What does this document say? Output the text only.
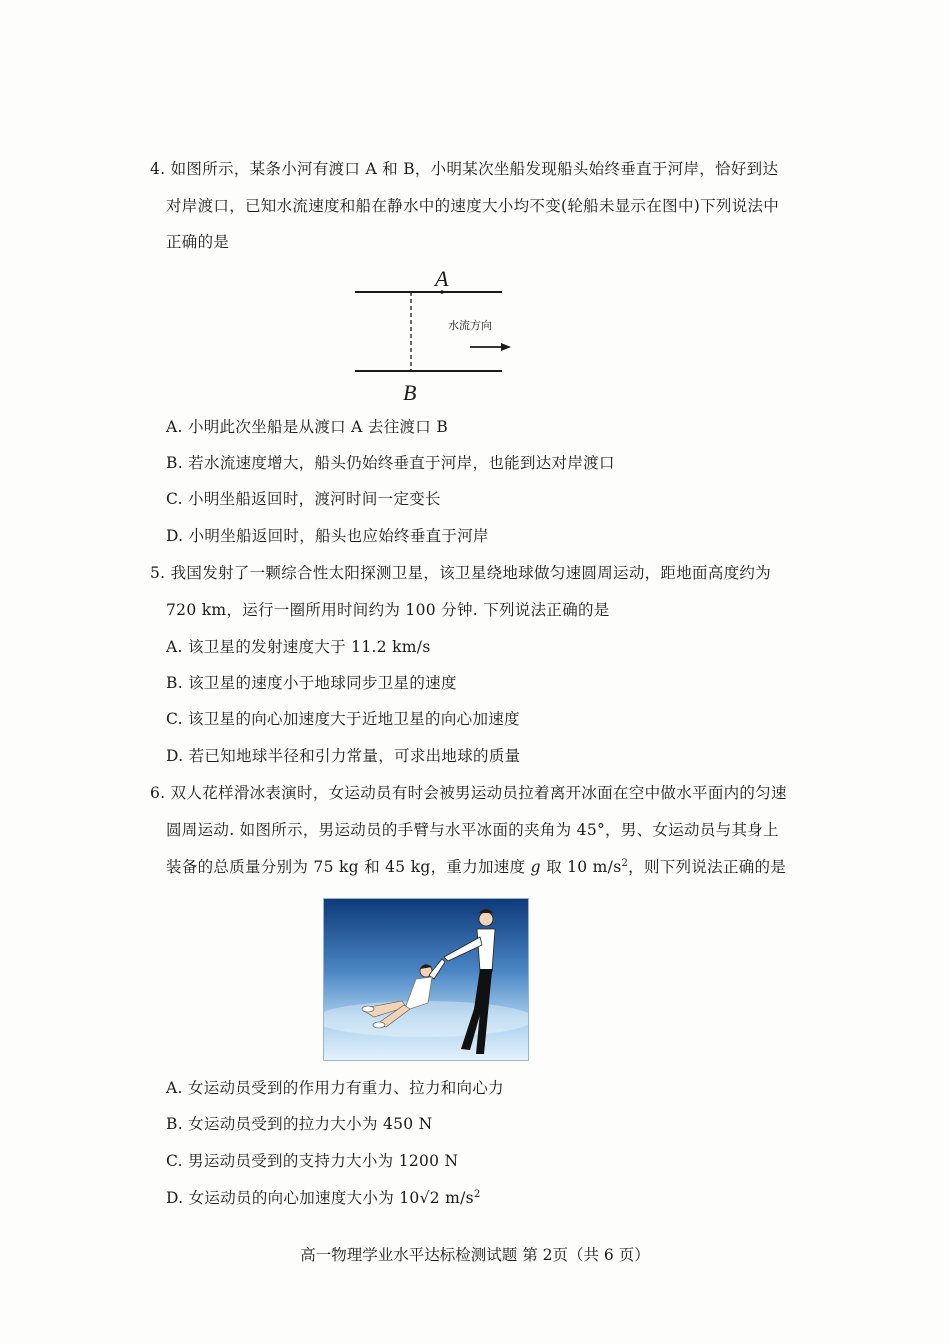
4. 如图所示，某条小河有渡口 A 和 B，小明某次坐船发现船头始终垂直于河岸，恰好到达
对岸渡口，已知水流速度和船在静水中的速度大小均不变(轮船未显示在图中)下列说法中
正确的是
A
B
水流方向
A. 小明此次坐船是从渡口 A 去往渡口 B
B. 若水流速度增大，船头仍始终垂直于河岸，也能到达对岸渡口
C. 小明坐船返回时，渡河时间一定变长
D. 小明坐船返回时，船头也应始终垂直于河岸
5. 我国发射了一颗综合性太阳探测卫星，该卫星绕地球做匀速圆周运动，距地面高度约为
720 km，运行一圈所用时间约为 100 分钟. 下列说法正确的是
A. 该卫星的发射速度大于 11.2 km/s
B. 该卫星的速度小于地球同步卫星的速度
C. 该卫星的向心加速度大于近地卫星的向心加速度
D. 若已知地球半径和引力常量，可求出地球的质量
6. 双人花样滑冰表演时，女运动员有时会被男运动员拉着离开冰面在空中做水平面内的匀速
圆周运动. 如图所示，男运动员的手臂与水平冰面的夹角为 45°，男、女运动员与其身上
装备的总质量分别为 75 kg 和 45 kg，重力加速度 g 取 10 $m/s^2$，则下列说法正确的是
A. 女运动员受到的作用力有重力、拉力和向心力
B. 女运动员受到的拉力大小为 450 N
C. 男运动员受到的支持力大小为 1200 N
D. 女运动员的向心加速度大小为 10√2 $m/s^2$
高一物理学业水平达标检测试题 第 2页（共 6 页）
